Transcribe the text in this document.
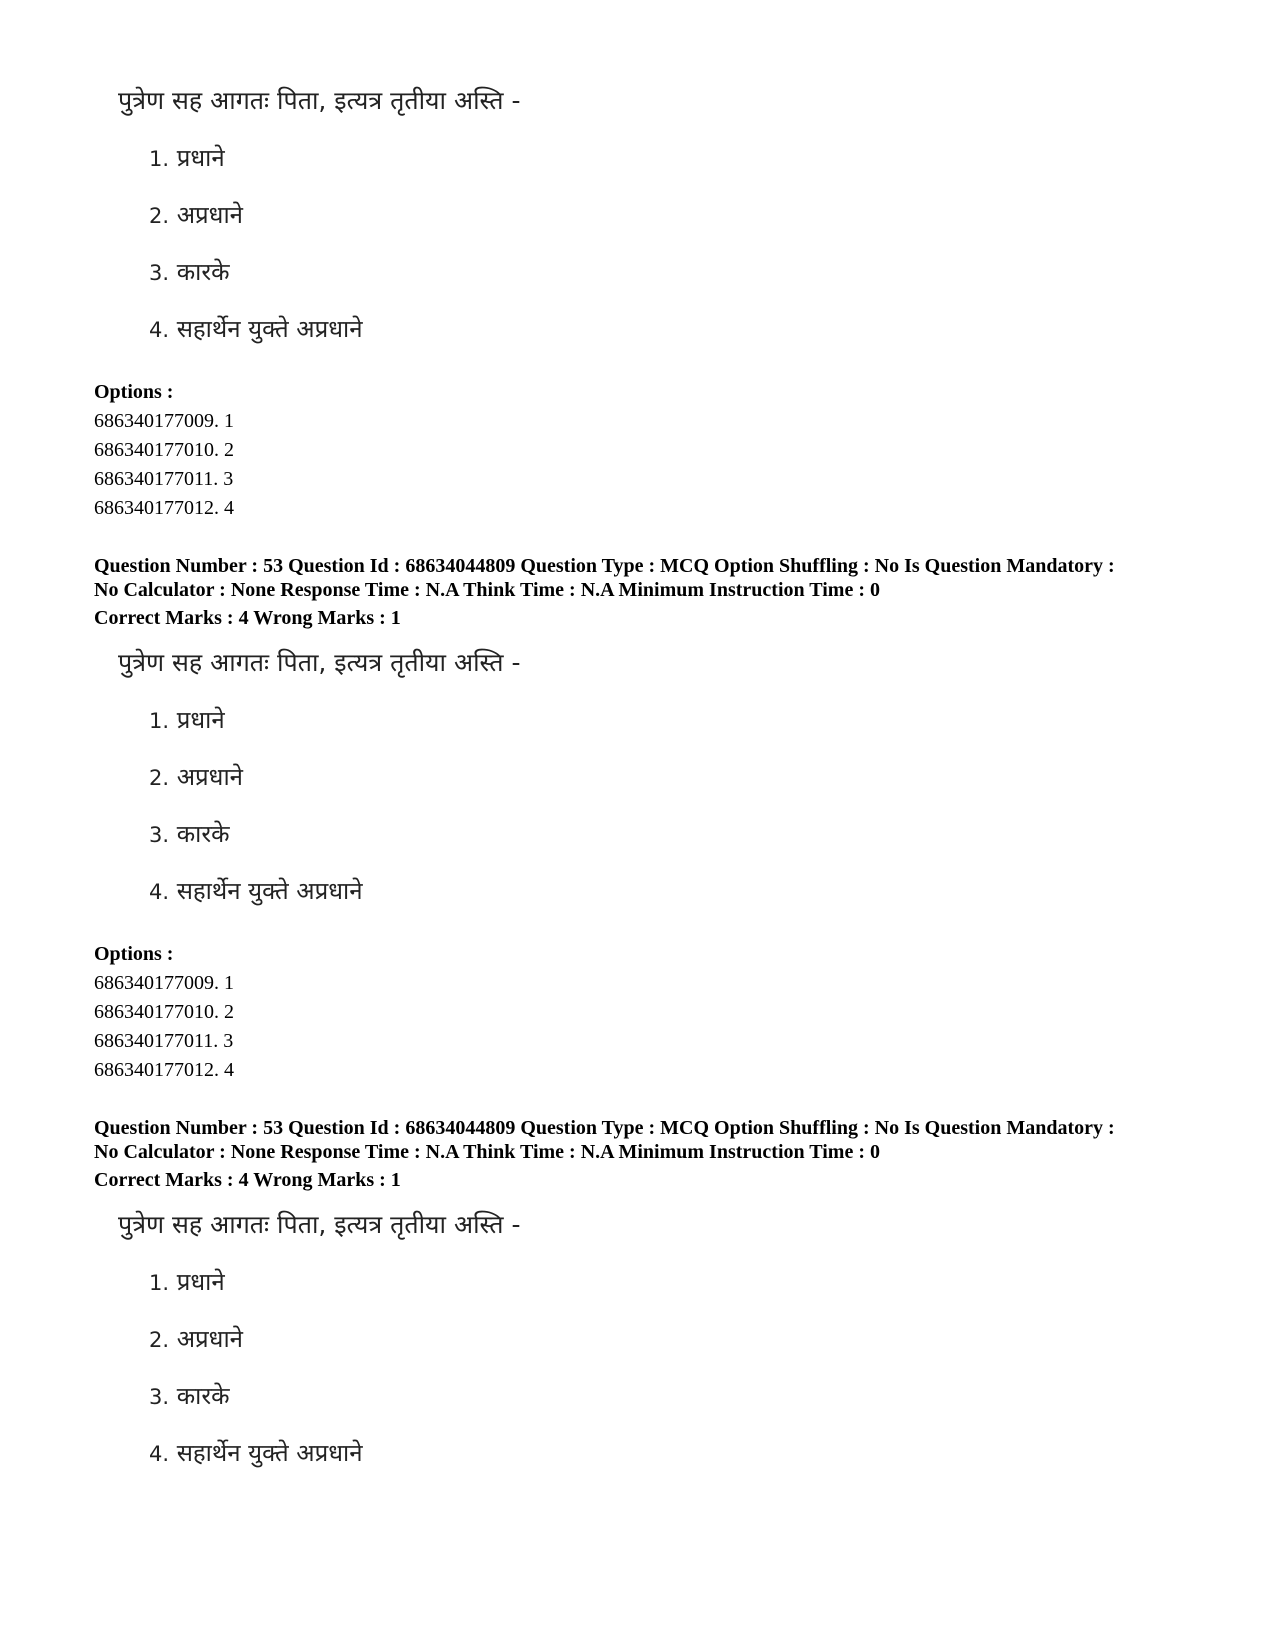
पुत्रेण सह आगतः पिता, इत्यत्र तृतीया अस्ति -

1. प्रधाने
2. अप्रधाने
3. कारके
4. सहार्थेन युक्ते अप्रधाने
Options :
686340177009. 1
686340177010. 2
686340177011. 3
686340177012. 4
Question Number : 53 Question Id : 68634044809 Question Type : MCQ Option Shuffling : No Is Question Mandatory :
No Calculator : None Response Time : N.A Think Time : N.A Minimum Instruction Time : 0
Correct Marks : 4 Wrong Marks : 1

पुत्रेण सह आगतः पिता, इत्यत्र तृतीया अस्ति -

1. प्रधाने
2. अप्रधाने
3. कारके
4. सहार्थेन युक्ते अप्रधाने
Options :
686340177009. 1
686340177010. 2
686340177011. 3
686340177012. 4
Question Number : 53 Question Id : 68634044809 Question Type : MCQ Option Shuffling : No Is Question Mandatory :
No Calculator : None Response Time : N.A Think Time : N.A Minimum Instruction Time : 0
Correct Marks : 4 Wrong Marks : 1

पुत्रेण सह आगतः पिता, इत्यत्र तृतीया अस्ति -

1. प्रधाने
2. अप्रधाने
3. कारके
4. सहार्थेन युक्ते अप्रधाने
